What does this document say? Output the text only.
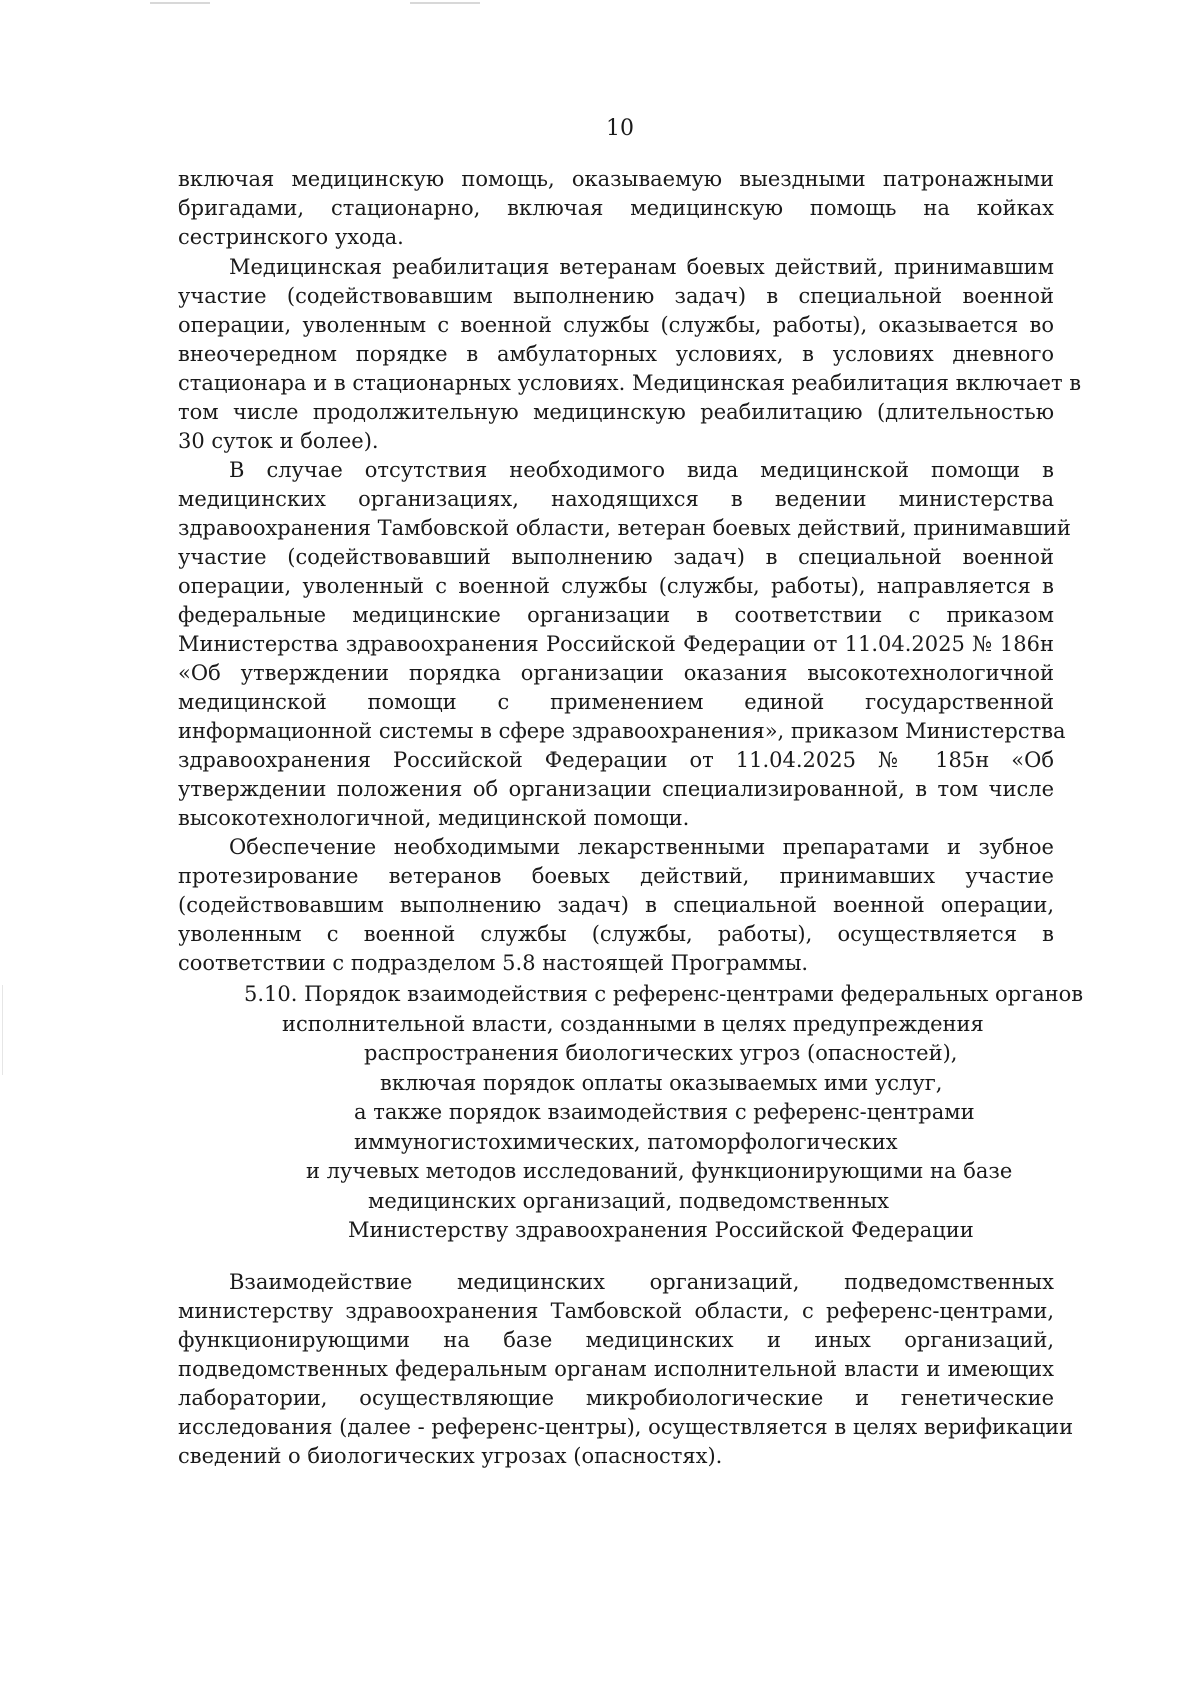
10
включая медицинскую помощь, оказываемую выездными патронажными
бригадами, стационарно, включая медицинскую помощь на койках
сестринского ухода.
Медицинская реабилитация ветеранам боевых действий, принимавшим
участие (содействовавшим выполнению задач) в специальной военной
операции, уволенным с военной службы (службы, работы), оказывается во
внеочередном порядке в амбулаторных условиях, в условиях дневного
стационара и в стационарных условиях. Медицинская реабилитация включает в
том числе продолжительную медицинскую реабилитацию (длительностью
30 суток и более).
В случае отсутствия необходимого вида медицинской помощи в
медицинских организациях, находящихся в ведении министерства
здравоохранения Тамбовской области, ветеран боевых действий, принимавший
участие (содействовавший выполнению задач) в специальной военной
операции, уволенный с военной службы (службы, работы), направляется в
федеральные медицинские организации в соответствии с приказом
Министерства здравоохранения Российской Федерации от 11.04.2025 № 186н
«Об утверждении порядка организации оказания высокотехнологичной
медицинской помощи с применением единой государственной
информационной системы в сфере здравоохранения», приказом Министерства
здравоохранения Российской Федерации от 11.04.2025 № 185н «Об
утверждении положения об организации специализированной, в том числе
высокотехнологичной, медицинской помощи.
Обеспечение необходимыми лекарственными препаратами и зубное
протезирование ветеранов боевых действий, принимавших участие
(содействовавшим выполнению задач) в специальной военной операции,
уволенным с военной службы (службы, работы), осуществляется в
соответствии с подразделом 5.8 настоящей Программы.
5.10. Порядок взаимодействия с референс-центрами федеральных органов
исполнительной власти, созданными в целях предупреждения
распространения биологических угроз (опасностей),
включая порядок оплаты оказываемых ими услуг,
а также порядок взаимодействия с референс-центрами
иммуногистохимических, патоморфологических
и лучевых методов исследований, функционирующими на базе
медицинских организаций, подведомственных
Министерству здравоохранения Российской Федерации
Взаимодействие медицинских организаций, подведомственных
министерству здравоохранения Тамбовской области, с референс-центрами,
функционирующими на базе медицинских и иных организаций,
подведомственных федеральным органам исполнительной власти и имеющих
лаборатории, осуществляющие микробиологические и генетические
исследования (далее - референс-центры), осуществляется в целях верификации
сведений о биологических угрозах (опасностях).
